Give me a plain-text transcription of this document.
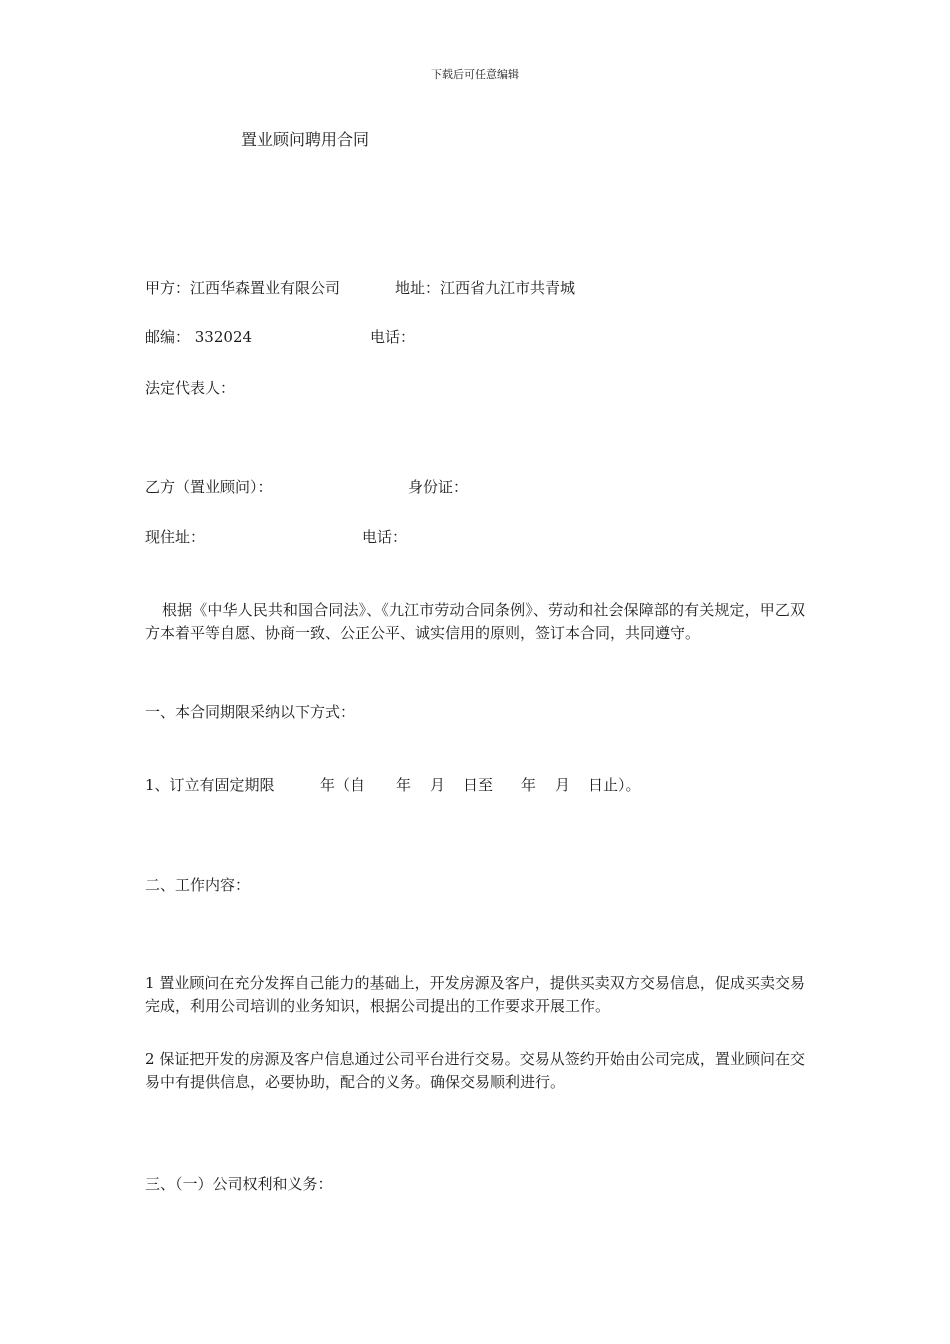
下载后可任意编辑
置业顾问聘用合同
甲方：江西华森置业有限公司	地址：江西省九江市共青城
邮编： 332024	电话：
法定代表人：
乙方（置业顾问）：	身份证：
现住址：	电话：
根据《中华人民共和国合同法》、《九江市劳动合同条例》、劳动和社会保障部的有关规定，甲乙双方本着平等自愿、协商一致、公正公平、诚实信用的原则，签订本合同，共同遵守。
一、本合同期限采纳以下方式：
1、订立有固定期限	年（自 年 月 日至 年 月 日止）。
二、工作内容：
1 置业顾问在充分发挥自己能力的基础上，开发房源及客户，提供买卖双方交易信息，促成买卖交易完成，利用公司培训的业务知识，根据公司提出的工作要求开展工作。
2 保证把开发的房源及客户信息通过公司平台进行交易。交易从签约开始由公司完成，置业顾问在交易中有提供信息，必要协助，配合的义务。确保交易顺利进行。
三、（一）公司权利和义务：
